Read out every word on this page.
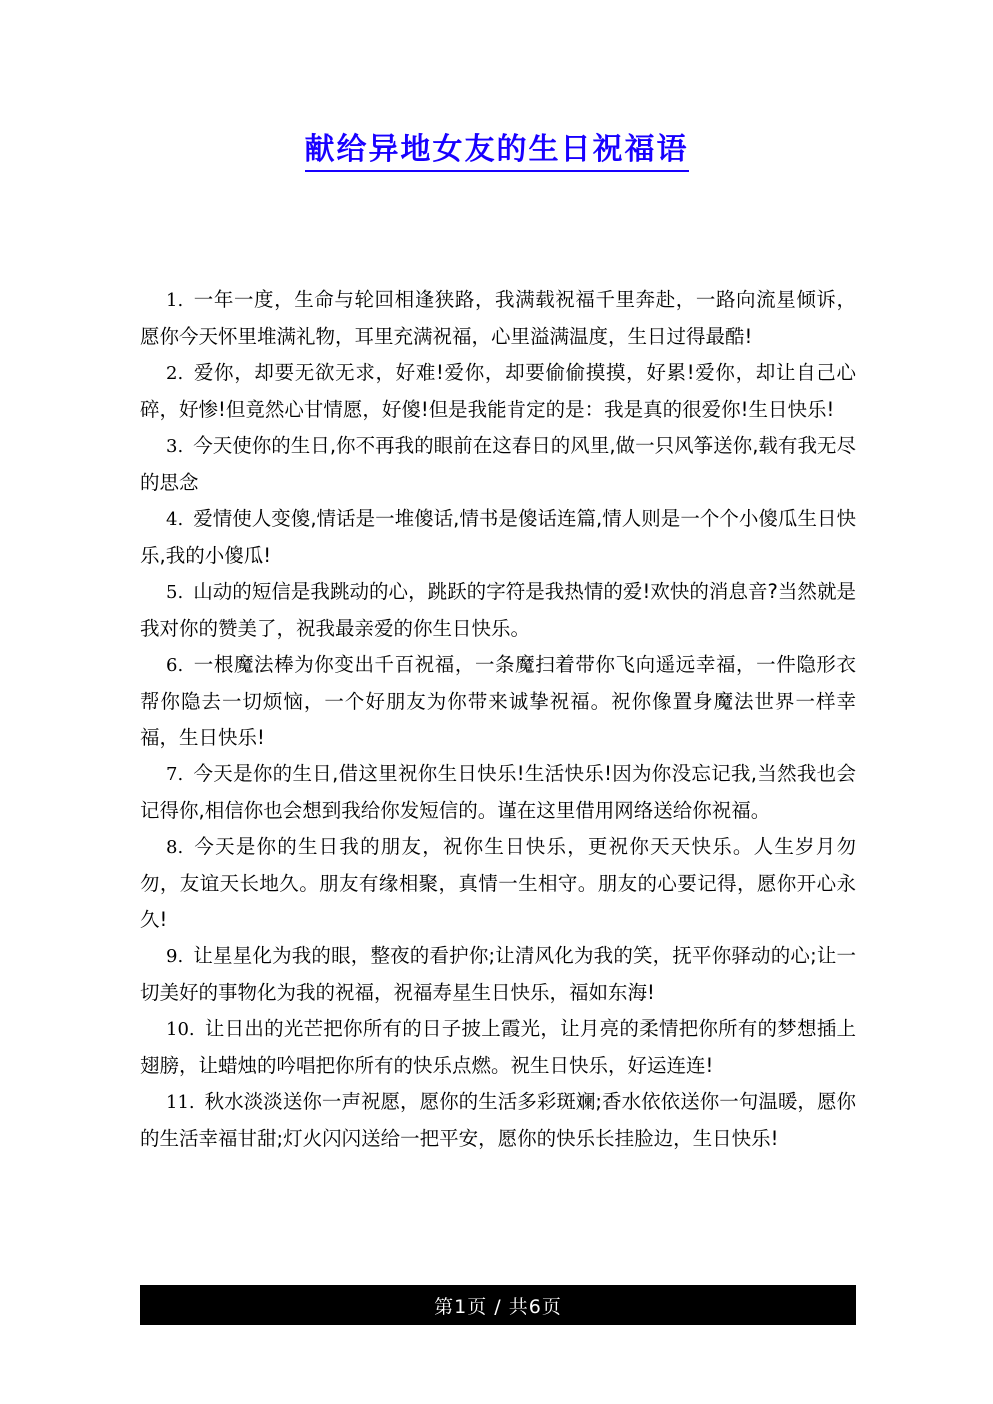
献给异地女友的生日祝福语

1. 一年一度，生命与轮回相逢狭路，我满载祝福千里奔赴，一路向流星倾诉，愿你今天怀里堆满礼物，耳里充满祝福，心里溢满温度，生日过得最酷!

2. 爱你，却要无欲无求，好难!爱你，却要偷偷摸摸，好累!爱你，却让自己心碎，好惨!但竟然心甘情愿，好傻!但是我能肯定的是：我是真的很爱你!生日快乐!

3. 今天使你的生日,你不再我的眼前在这春日的风里,做一只风筝送你,载有我无尽的思念

4. 爱情使人变傻,情话是一堆傻话,情书是傻话连篇,情人则是一个个小傻瓜生日快乐,我的小傻瓜!

5. 山动的短信是我跳动的心，跳跃的字符是我热情的爱!欢快的消息音?当然就是我对你的赞美了，祝我最亲爱的你生日快乐。

6. 一根魔法棒为你变出千百祝福，一条魔扫着带你飞向遥远幸福，一件隐形衣帮你隐去一切烦恼，一个好朋友为你带来诚挚祝福。祝你像置身魔法世界一样幸福，生日快乐!

7. 今天是你的生日,借这里祝你生日快乐!生活快乐!因为你没忘记我,当然我也会记得你,相信你也会想到我给你发短信的。谨在这里借用网络送给你祝福。

8. 今天是你的生日我的朋友，祝你生日快乐，更祝你天天快乐。人生岁月勿勿，友谊天长地久。朋友有缘相聚，真情一生相守。朋友的心要记得，愿你开心永久!

9. 让星星化为我的眼，整夜的看护你;让清风化为我的笑，抚平你驿动的心;让一切美好的事物化为我的祝福，祝福寿星生日快乐，福如东海!

10. 让日出的光芒把你所有的日子披上霞光，让月亮的柔情把你所有的梦想插上翅膀，让蜡烛的吟唱把你所有的快乐点燃。祝生日快乐，好运连连!

11. 秋水淡淡送你一声祝愿，愿你的生活多彩斑斓;香水依依送你一句温暖，愿你的生活幸福甘甜;灯火闪闪送给一把平安，愿你的快乐长挂脸边，生日快乐!

第1页 / 共6页
